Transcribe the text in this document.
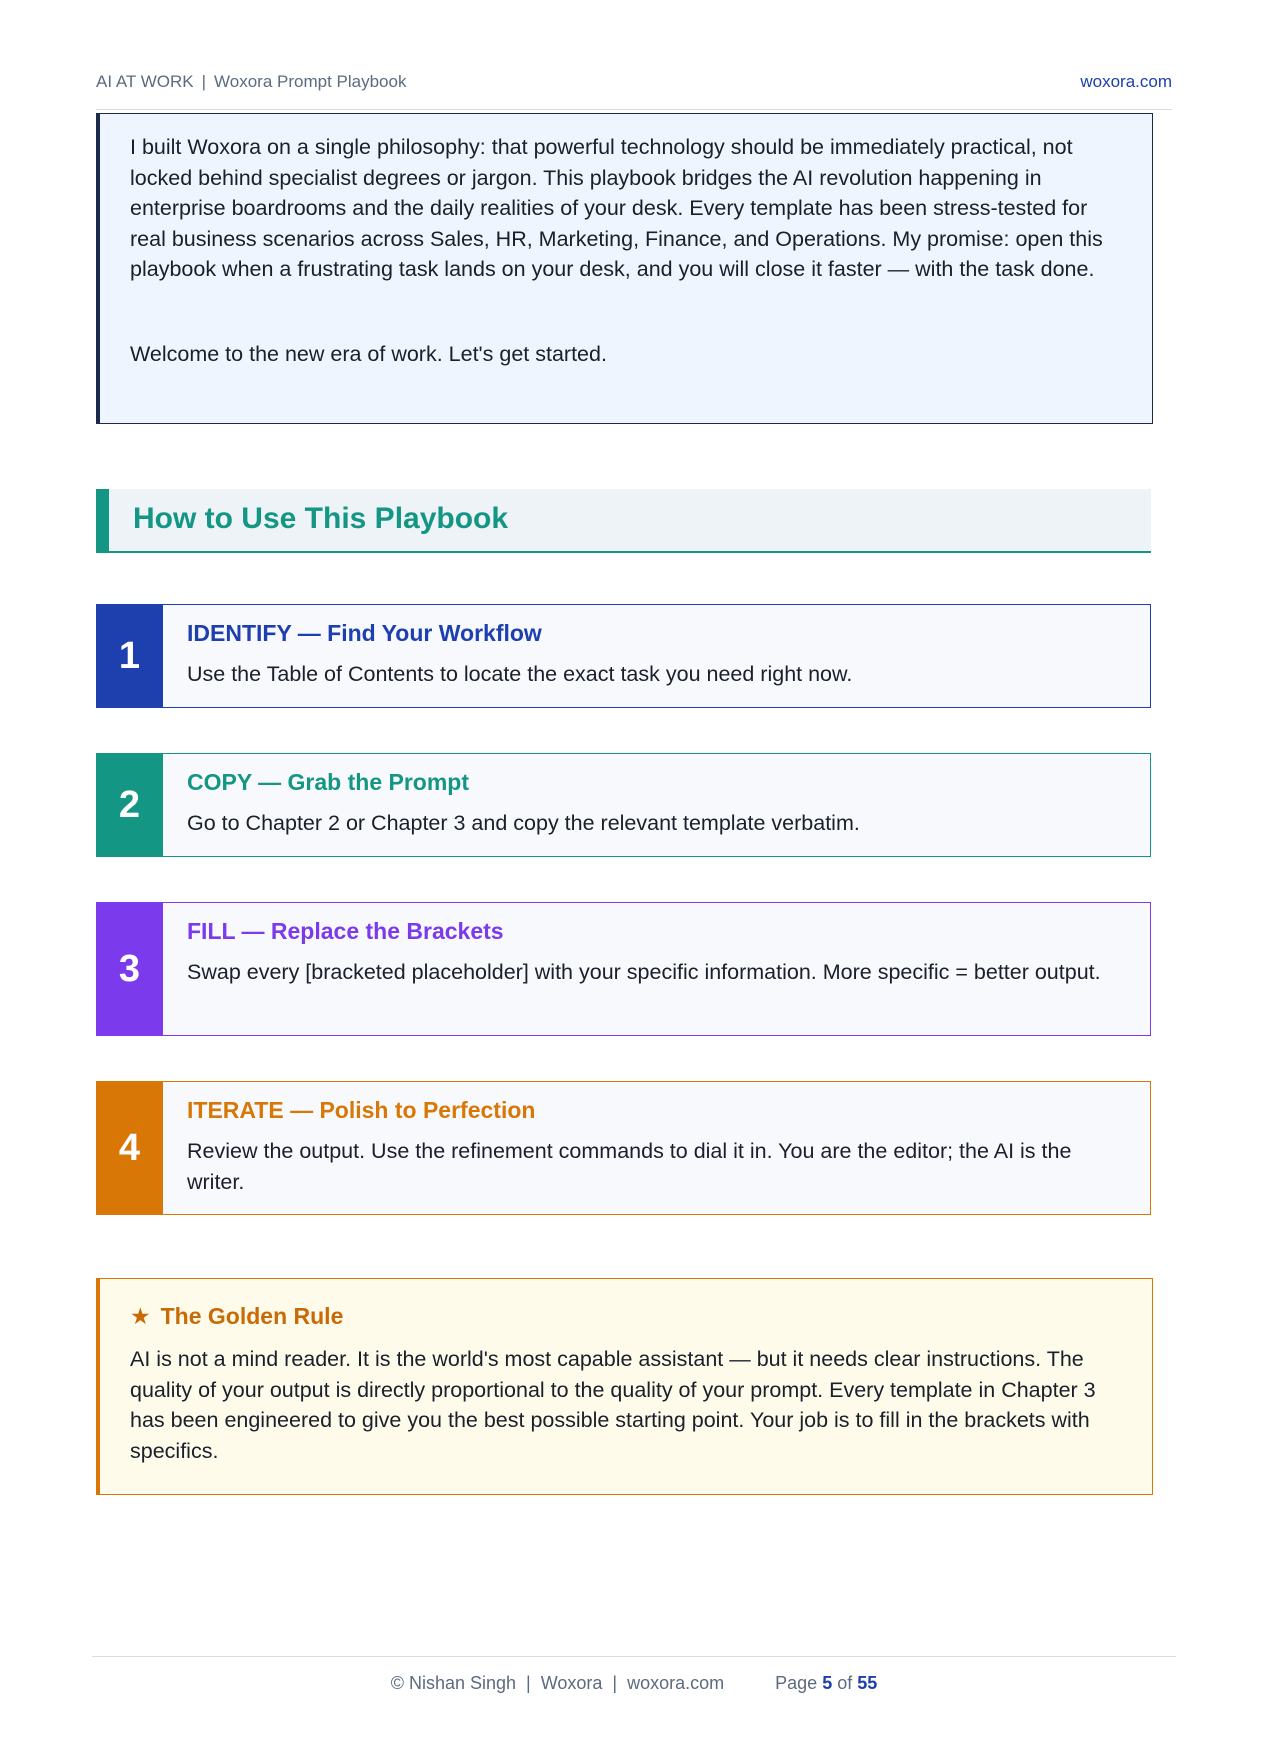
AI AT WORK | Woxora Prompt Playbook	woxora.com

I built Woxora on a single philosophy: that powerful technology should be immediately practical, not locked behind specialist degrees or jargon. This playbook bridges the AI revolution happening in enterprise boardrooms and the daily realities of your desk. Every template has been stress-tested for real business scenarios across Sales, HR, Marketing, Finance, and Operations. My promise: open this playbook when a frustrating task lands on your desk, and you will close it faster — with the task done.

Welcome to the new era of work. Let's get started.

How to Use This Playbook
1
IDENTIFY — Find Your Workflow

Use the Table of Contents to locate the exact task you need right now.

2
COPY — Grab the Prompt

Go to Chapter 2 or Chapter 3 and copy the relevant template verbatim.

3
FILL — Replace the Brackets

Swap every [bracketed placeholder] with your specific information. More specific = better output.

4
ITERATE — Polish to Perfection

Review the output. Use the refinement commands to dial it in. You are the editor; the AI is the writer.

★ The Golden Rule

AI is not a mind reader. It is the world's most capable assistant — but it needs clear instructions. The quality of your output is directly proportional to the quality of your prompt. Every template in Chapter 3 has been engineered to give you the best possible starting point. Your job is to fill in the brackets with specifics.

© Nishan Singh | Woxora | woxora.com	Page 5 of 55
